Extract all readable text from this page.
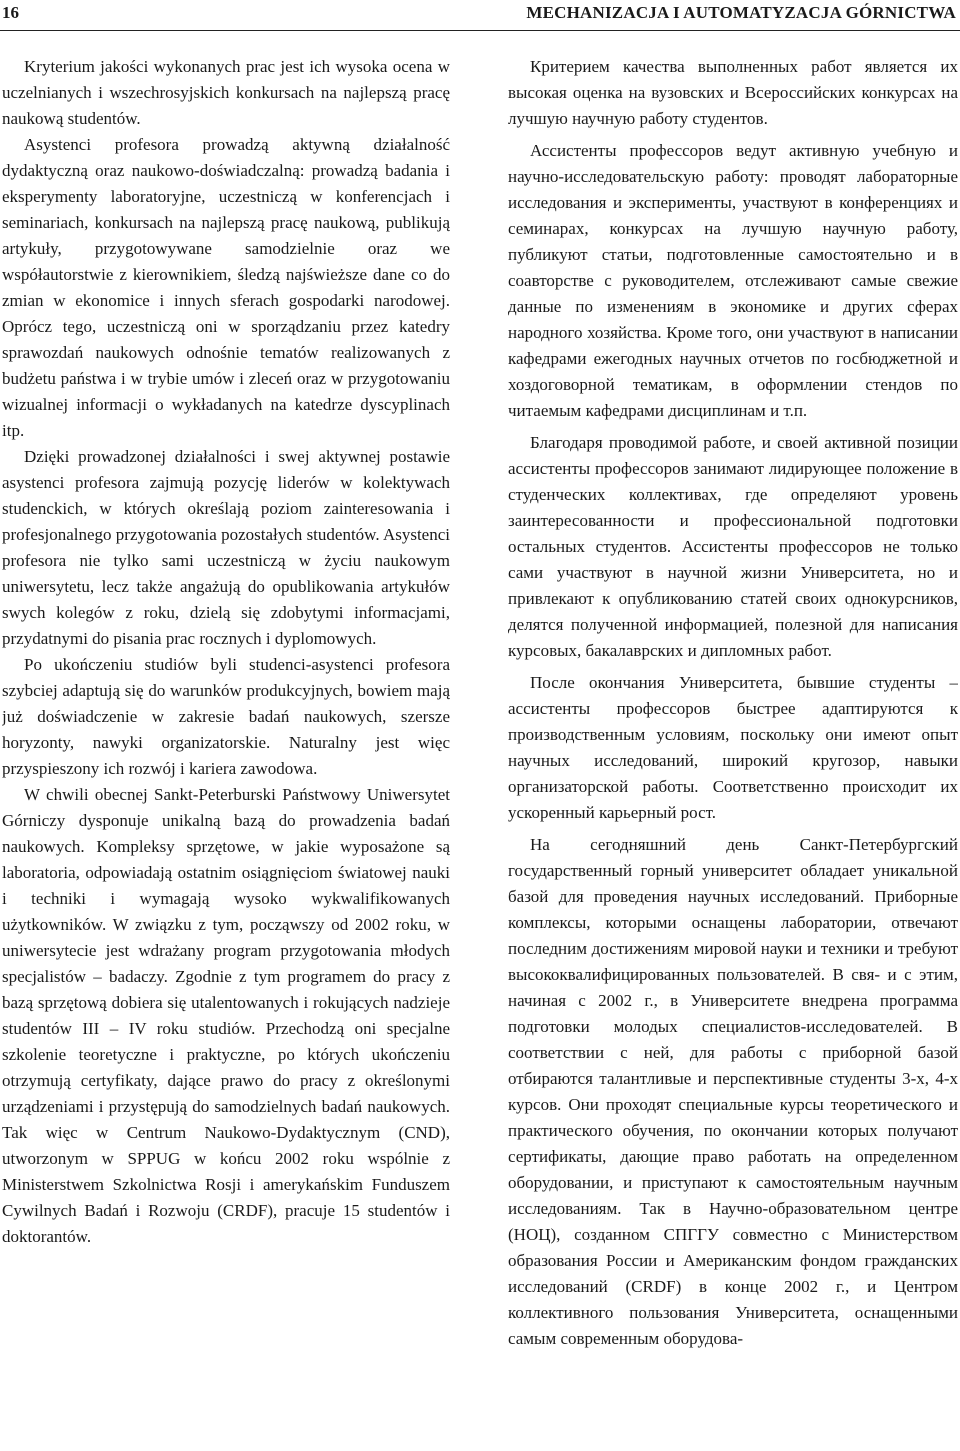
16	MECHANIZACJA I AUTOMATYZACJA GÓRNICTWA

Kryterium jakości wykonanych prac jest ich wysoka ocena w uczelnianych i wszechrosyjskich konkursach na najlepszą pracę naukową studentów.

Asystenci profesora prowadzą aktywną działalność dydaktyczną oraz naukowo-doświadczalną: prowadzą badania i eksperymenty laboratoryjne, uczestniczą w konferencjach i seminariach, konkursach na najlepszą pracę naukową, publikują artykuły, przygotowywane samodzielnie oraz we współautorstwie z kierownikiem, śledzą najświeższe dane co do zmian w ekonomice i innych sferach gospodarki narodowej. Oprócz tego, uczestniczą oni w sporządzaniu przez katedry sprawozdań naukowych odnośnie tematów realizowanych z budżetu państwa i w trybie umów i zleceń oraz w przygotowaniu wizualnej informacji o wykładanych na katedrze dyscyplinach itp.

Dzięki prowadzonej działalności i swej aktywnej postawie asystenci profesora zajmują pozycję liderów w kolektywach studenckich, w których określają poziom zainteresowania i profesjonalnego przygotowania pozostałych studentów. Asystenci profesora nie tylko sami uczestniczą w życiu naukowym uniwersytetu, lecz także angażują do opublikowania artykułów swych kolegów z roku, dzielą się zdobytymi informacjami, przydatnymi do pisania prac rocznych i dyplomowych.

Po ukończeniu studiów byli studenci-asystenci profesora szybciej adaptują się do warunków produkcyjnych, bowiem mają już doświadczenie w zakresie badań naukowych, szersze horyzonty, nawyki organizatorskie. Naturalny jest więc przyspieszony ich rozwój i kariera zawodowa.

W chwili obecnej Sankt-Peterburski Państwowy Uniwersytet Górniczy dysponuje unikalną bazą do prowadzenia badań naukowych. Kompleksy sprzętowe, w jakie wyposażone są laboratoria, odpowiadają ostatnim osiągnięciom światowej nauki i techniki i wymagają wysoko wykwalifikowanych użytkowników. W związku z tym, począwszy od 2002 roku, w uniwersytecie jest wdrażany program przygotowania młodych specjalistów – badaczy. Zgodnie z tym programem do pracy z bazą sprzętową dobiera się utalentowanych i rokujących nadzieje studentów III – IV roku studiów. Przechodzą oni specjalne szkolenie teoretyczne i praktyczne, po których ukończeniu otrzymują certyfikaty, dające prawo do pracy z określonymi urządzeniami i przystępują do samodzielnych badań naukowych. Tak więc w Centrum Naukowo-Dydaktycznym (CND), utworzonym w SPPUG w końcu 2002 roku wspólnie z Ministerstwem Szkolnictwa Rosji i amerykańskim Funduszem Cywilnych Badań i Rozwoju (CRDF), pracuje 15 studentów i doktorantów.

Критерием качества выполненных работ является их высокая оценка на вузовских и Всероссийских конкурсах на лучшую научную работу студентов.

Ассистенты профессоров ведут активную учебную и научно-исследовательскую работу: проводят лабораторные исследования и эксперименты, участвуют в конференциях и семинарах, конкурсах на лучшую научную работу, публикуют статьи, подготовленные самостоятельно и в соавторстве с руководителем, отслеживают самые свежие данные по изменениям в экономике и других сферах народного хозяйства. Кроме того, они участвуют в написании кафедрами ежегодных научных отчетов по госбюджетной и хоздоговорной тематикам, в оформлении стендов по читаемым кафедрами дисциплинам и т.п.

Благодаря проводимой работе, и своей активной позиции ассистенты профессоров занимают лидирующее положение в студенческих коллективах, где определяют уровень заинтересованности и профессиональной подготовки остальных студентов. Ассистенты профессоров не только сами участвуют в научной жизни Университета, но и привлекают к опубликованию статей своих однокурсников, делятся полученной информацией, полезной для написания курсовых, бакалаврских и дипломных работ.

После окончания Университета, бывшие студенты – ассистенты профессоров быстрее адаптируются к производственным условиям, поскольку они имеют опыт научных исследований, широкий кругозор, навыки организаторской работы. Соответственно происходит их ускоренный карьерный рост.

На сегодняшний день Санкт-Петербургский государственный горный университет обладает уникальной базой для проведения научных исследований. Приборные комплексы, которыми оснащены лаборатории, отвечают последним достижениям мировой науки и техники и требуют высококвалифицированных пользователей. В свя- и с этим, начиная с 2002 г., в Университете внедрена программа подготовки молодых специалистов-исследователей. В соответствии с ней, для работы с приборной базой отбираются талантливые и перспективные студенты 3-х, 4-х курсов. Они проходят специальные курсы теоретического и практического обучения, по окончании которых получают сертификаты, дающие право работать на определенном оборудовании, и приступают к самостоятельным научным исследованиям. Так в Научно-образовательном центре (НОЦ), созданном СПГГУ совместно с Министерством образования России и Американским фондом гражданских исследований (CRDF) в конце 2002 г., и Центром коллективного пользования Университета, оснащенными самым современным оборудова-
